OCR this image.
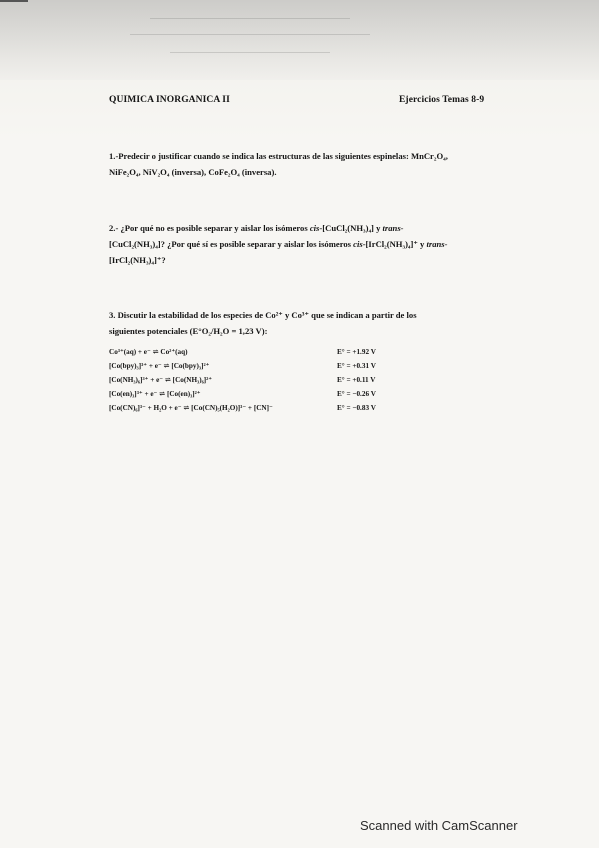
QUIMICA INORGANICA II	Ejercicios Temas 8-9
1.-Predecir o justificar cuando se indica las estructuras de las siguientes espinelas: MnCr₂O₄,
NiFe₂O₄, NiV₂O₄ (inversa), CoFe₂O₄ (inversa).
2.- ¿Por qué no es posible separar y aislar los isómeros cis-[CuCl₂(NH₃)₄] y trans-
[CuCl₂(NH₃)₄]? ¿Por qué sí es posible separar y aislar los isómeros cis-[IrCl₂(NH₃)₄]⁺ y trans-
[IrCl₂(NH₃)₄]⁺?
3. Discutir la estabilidad de los especies de Co²⁺ y Co³⁺ que se indican a partir de los
siguientes potenciales (E°O₂/H₂O = 1,23 V):
Co³⁺(aq) + e⁻ ⇌ Co²⁺(aq)	E° = +1.92 V
[Co(bpy)₃]³⁺ + e⁻ ⇌ [Co(bpy)₃]²⁺	E° = +0.31 V
[Co(NH₃)₆]³⁺ + e⁻ ⇌ [Co(NH₃)₆]²⁺	E° = +0.11 V
[Co(en)₃]³⁺ + e⁻ ⇌ [Co(en)₃]²⁺	E° = −0.26 V
[Co(CN)₆]³⁻ + H₂O + e⁻ ⇌ [Co(CN)₅(H₂O)]³⁻ + [CN]⁻	E° = −0.83 V
Scanned with CamScanner
